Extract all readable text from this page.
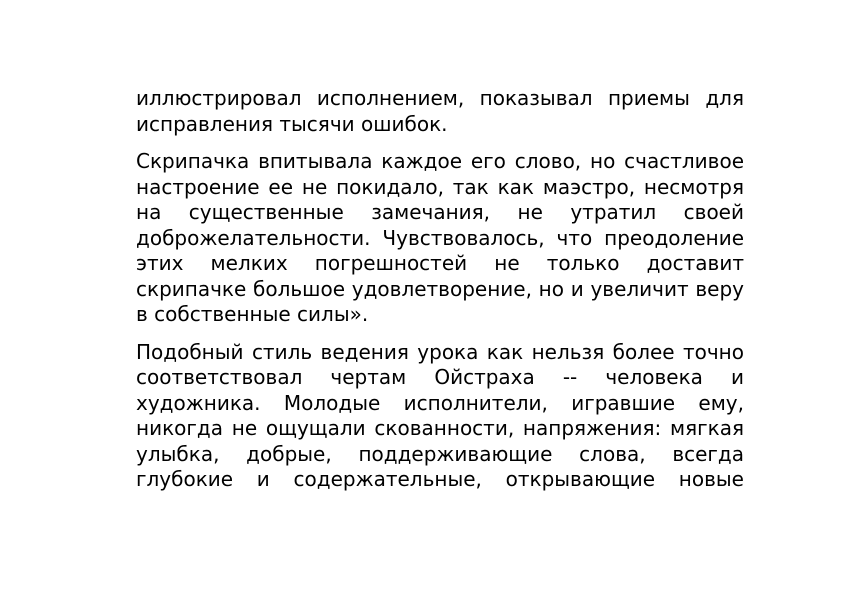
иллюстрировал исполнением, показывал приемы для исправления тысячи ошибок.

Скрипачка впитывала каждое его слово, но счастливое настроение ее не покидало, так как маэстро, несмотря на существенные замечания, не утратил своей доброжелательности. Чувствовалось, что преодоление этих мелких погрешностей не только доставит скрипачке большое удовлетворение, но и увеличит веру в собственные силы».

Подобный стиль ведения урока как нельзя более точно соответствовал чертам Ойстраха -- человека и художника. Молодые исполнители, игравшие ему, никогда не ощущали скованности, напряжения: мягкая улыбка, добрые, поддерживающие слова, всегда глубокие и содержательные, открывающие новые
